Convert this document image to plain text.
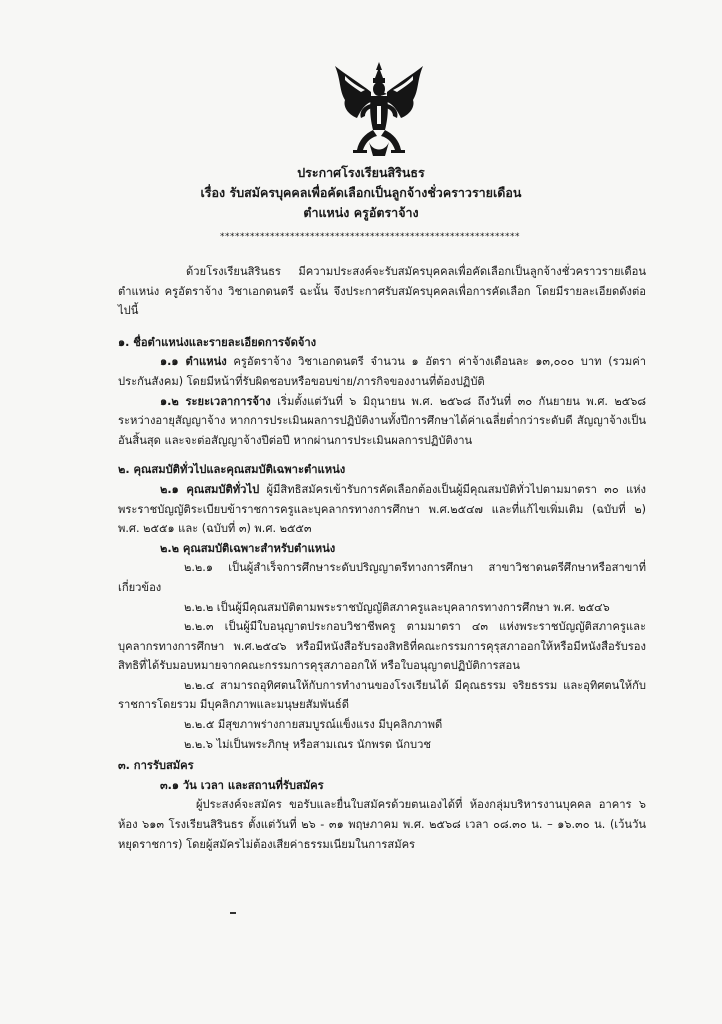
ประกาศโรงเรียนสิรินธร
เรื่อง รับสมัครบุคคลเพื่อคัดเลือกเป็นลูกจ้างชั่วคราวรายเดือน
ตำแหน่ง ครูอัตราจ้าง
************************************************************

ด้วยโรงเรียนสิรินธร มีความประสงค์จะรับสมัครบุคคลเพื่อคัดเลือกเป็นลูกจ้างชั่วคราวรายเดือน ตำแหน่ง ครูอัตราจ้าง วิชาเอกดนตรี ฉะนั้น จึงประกาศรับสมัครบุคคลเพื่อการคัดเลือก โดยมีรายละเอียดดังต่อไปนี้

๑. ชื่อตำแหน่งและรายละเอียดการจัดจ้าง

๑.๑ ตำแหน่ง ครูอัตราจ้าง วิชาเอกดนตรี จำนวน ๑ อัตรา ค่าจ้างเดือนละ ๑๓,๐๐๐ บาท (รวมค่าประกันสังคม) โดยมีหน้าที่รับผิดชอบหรือขอบข่าย/ภารกิจของงานที่ต้องปฏิบัติ

๑.๒ ระยะเวลาการจ้าง เริ่มตั้งแต่วันที่ ๖ มิถุนายน พ.ศ. ๒๕๖๘ ถึงวันที่ ๓๐ กันยายน พ.ศ. ๒๕๖๘ ระหว่างอายุสัญญาจ้าง หากการประเมินผลการปฏิบัติงานทั้งปีการศึกษาได้ค่าเฉลี่ยต่ำกว่าระดับดี สัญญาจ้างเป็นอันสิ้นสุด และจะต่อสัญญาจ้างปีต่อปี หากผ่านการประเมินผลการปฏิบัติงาน

๒. คุณสมบัติทั่วไปและคุณสมบัติเฉพาะตำแหน่ง

๒.๑ คุณสมบัติทั่วไป ผู้มีสิทธิสมัครเข้ารับการคัดเลือกต้องเป็นผู้มีคุณสมบัติทั่วไปตามมาตรา ๓๐ แห่งพระราชบัญญัติระเบียบข้าราชการครูและบุคลากรทางการศึกษา พ.ศ.๒๕๔๗ และที่แก้ไขเพิ่มเติม (ฉบับที่ ๒) พ.ศ. ๒๕๕๑ และ (ฉบับที่ ๓) พ.ศ. ๒๕๕๓

๒.๒ คุณสมบัติเฉพาะสำหรับตำแหน่ง

๒.๒.๑ เป็นผู้สำเร็จการศึกษาระดับปริญญาตรีทางการศึกษา สาขาวิชาดนตรีศึกษาหรือสาขาที่เกี่ยวข้อง

๒.๒.๒ เป็นผู้มีคุณสมบัติตามพระราชบัญญัติสภาครูและบุคลากรทางการศึกษา พ.ศ. ๒๕๔๖

๒.๒.๓ เป็นผู้มีใบอนุญาตประกอบวิชาชีพครู ตามมาตรา ๔๓ แห่งพระราชบัญญัติสภาครูและบุคลากรทางการศึกษา พ.ศ.๒๕๔๖ หรือมีหนังสือรับรองสิทธิที่คณะกรรมการคุรุสภาออกให้หรือมีหนังสือรับรองสิทธิที่ได้รับมอบหมายจากคณะกรรมการคุรุสภาออกให้ หรือใบอนุญาตปฏิบัติการสอน

๒.๒.๔ สามารถอุทิศตนให้กับการทำงานของโรงเรียนได้ มีคุณธรรม จริยธรรม และอุทิศตนให้กับราชการโดยรวม มีบุคลิกภาพและมนุษยสัมพันธ์ดี

๒.๒.๕ มีสุขภาพร่างกายสมบูรณ์แข็งแรง มีบุคลิกภาพดี

๒.๒.๖ ไม่เป็นพระภิกษุ หรือสามเณร นักพรต นักบวช

๓. การรับสมัคร

๓.๑ วัน เวลา และสถานที่รับสมัคร

ผู้ประสงค์จะสมัคร ขอรับและยื่นใบสมัครด้วยตนเองได้ที่ ห้องกลุ่มบริหารงานบุคคล อาคาร ๖ ห้อง ๖๑๓ โรงเรียนสิรินธร ตั้งแต่วันที่ ๒๖ - ๓๑ พฤษภาคม พ.ศ. ๒๕๖๘ เวลา ๐๘.๓๐ น. – ๑๖.๓๐ น. (เว้นวันหยุดราชการ) โดยผู้สมัครไม่ต้องเสียค่าธรรมเนียมในการสมัคร
